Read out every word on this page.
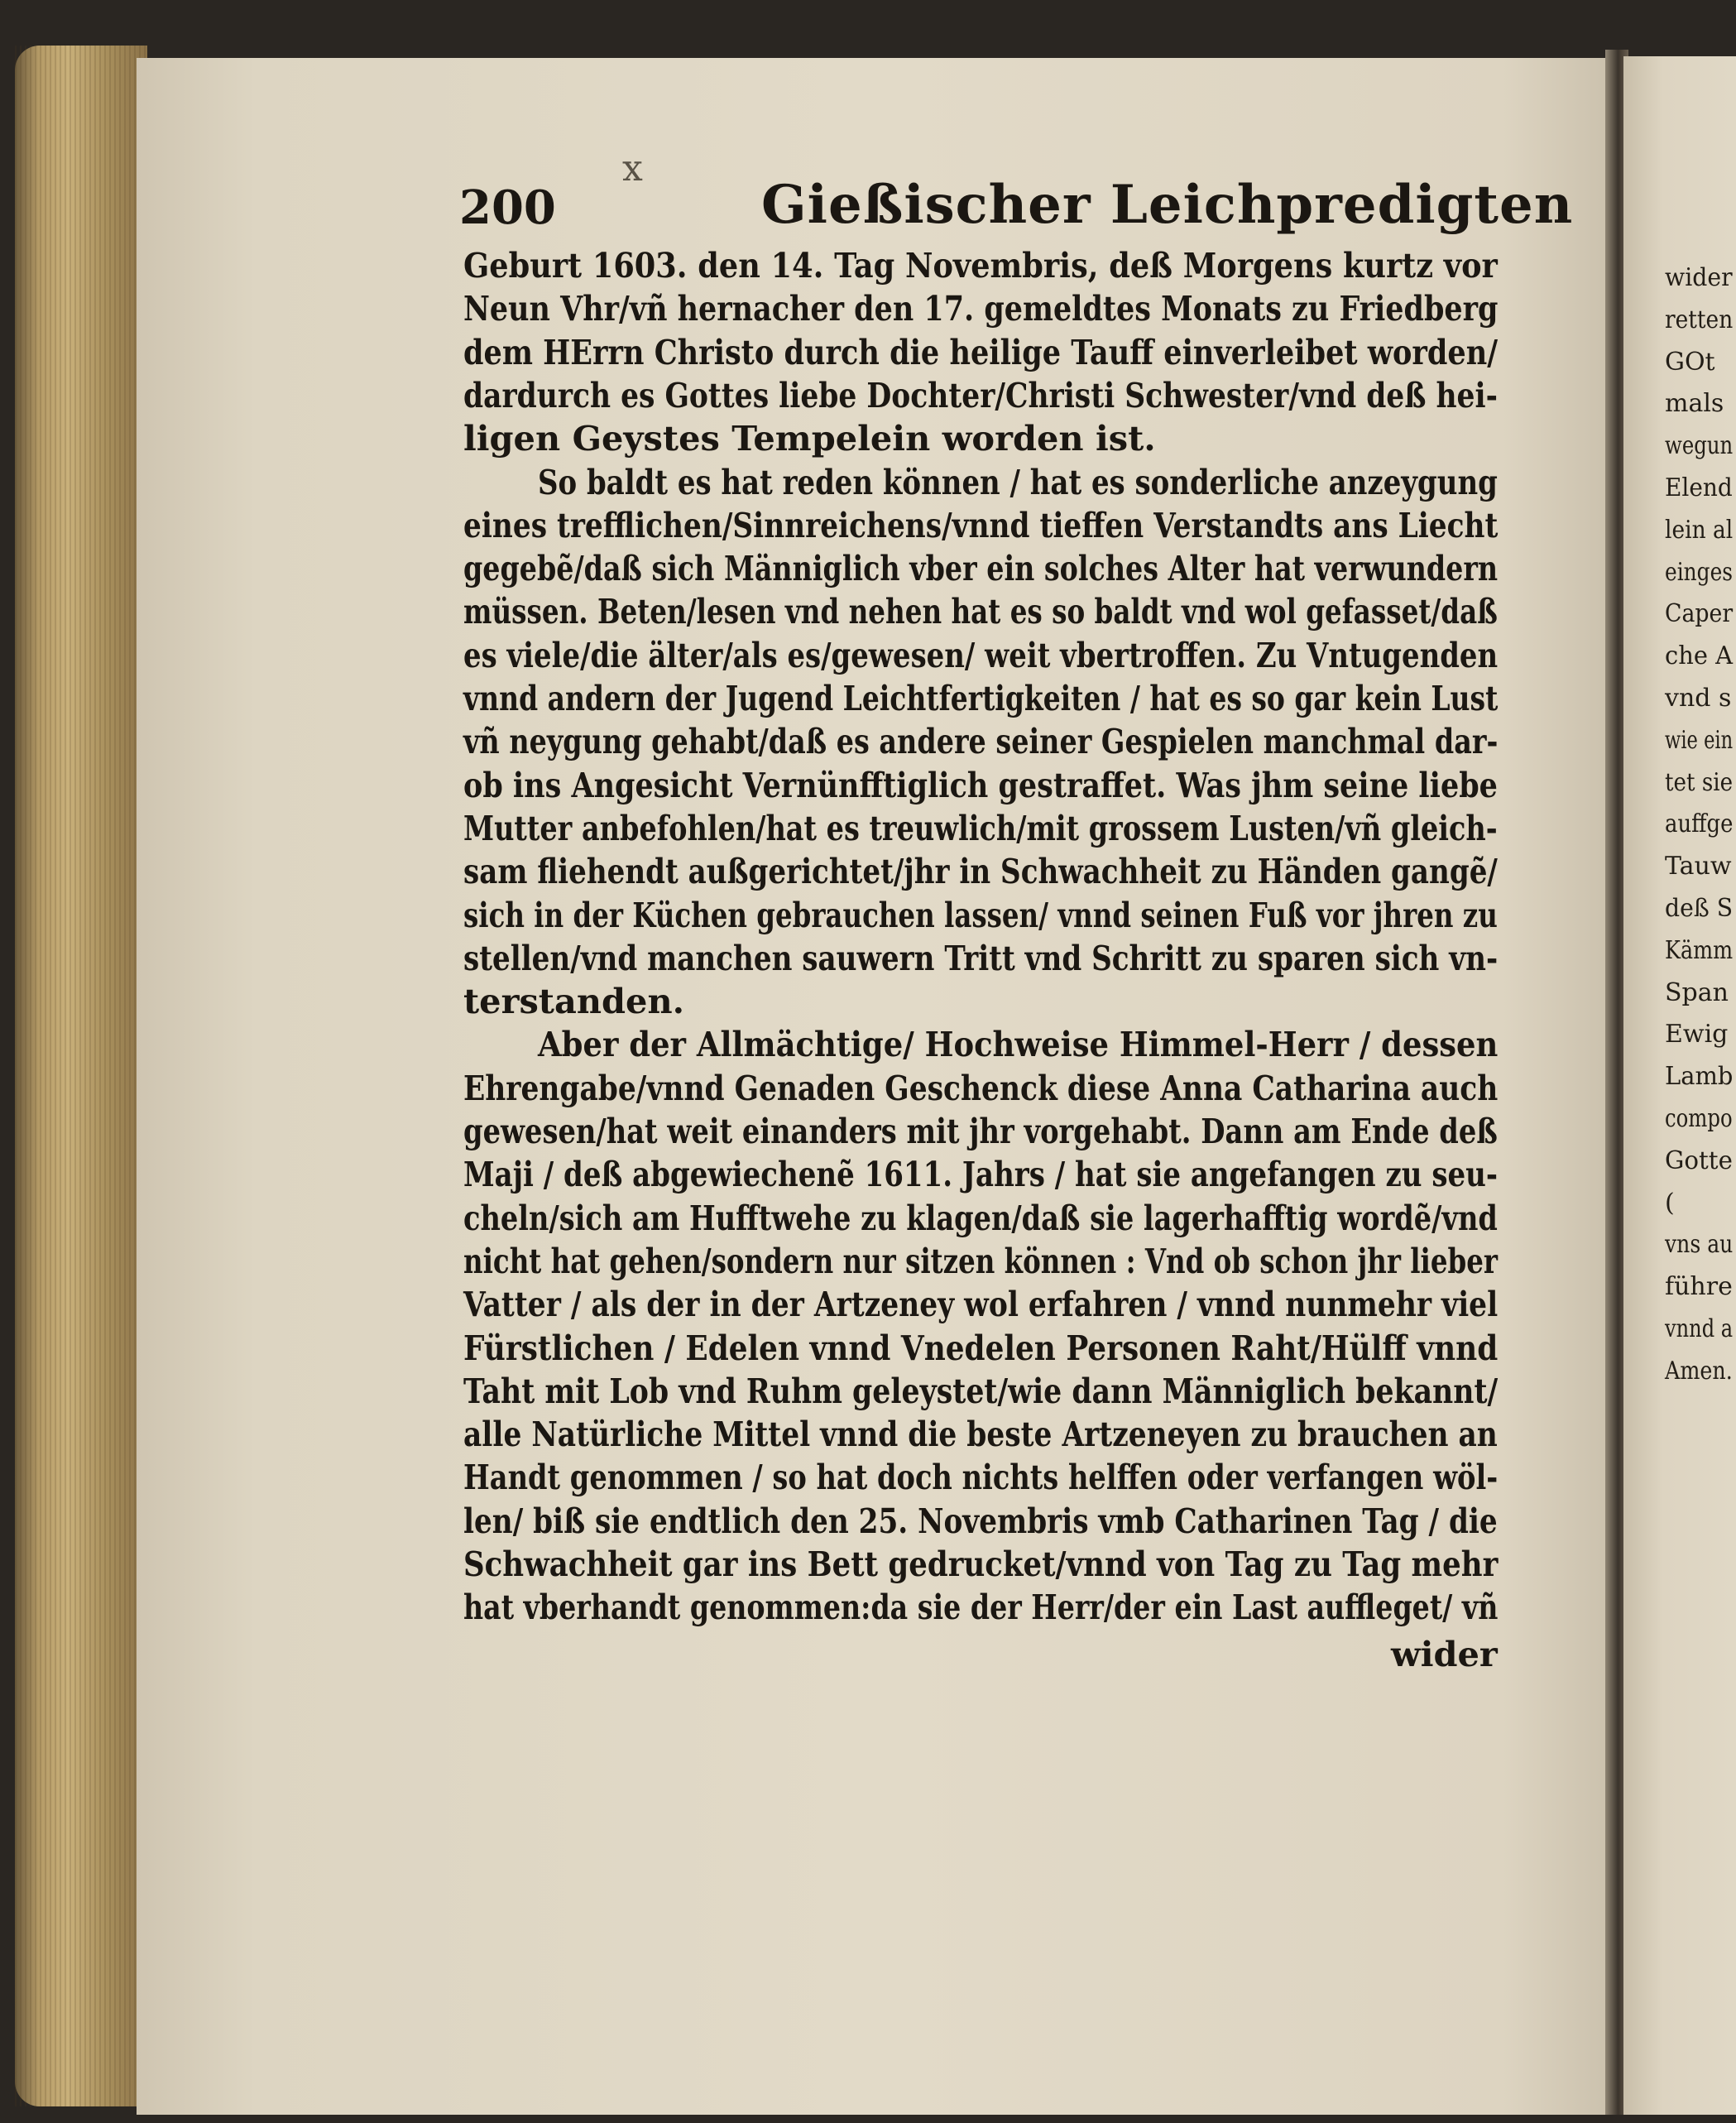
x
200	Gießischer Leichpredigten
Geburt 1603. den 14. Tag Novembris, deß Morgens kurtz vor
Neun Vhr/vñ hernacher den 17. gemeldtes Monats zu Friedberg
dem HErrn Christo durch die heilige Tauff einverleibet worden/
dardurch es Gottes liebe Dochter/Christi Schwester/vnd deß hei-
ligen Geystes Tempelein worden ist.
So baldt es hat reden können / hat es sonderliche anzeygung
eines trefflichen/Sinnreichens/vnnd tieffen Verstandts ans Liecht
gegebẽ/daß sich Männiglich vber ein solches Alter hat verwundern
müssen. Beten/lesen vnd nehen hat es so baldt vnd wol gefasset/daß
es viele/die älter/als es/gewesen/ weit vbertroffen. Zu Vntugenden
vnnd andern der Jugend Leichtfertigkeiten / hat es so gar kein Lust
vñ neygung gehabt/daß es andere seiner Gespielen manchmal dar-
ob ins Angesicht Vernünfftiglich gestraffet. Was jhm seine liebe
Mutter anbefohlen/hat es treuwlich/mit grossem Lusten/vñ gleich-
sam fliehendt außgerichtet/jhr in Schwachheit zu Händen gangẽ/
sich in der Küchen gebrauchen lassen/ vnnd seinen Fuß vor jhren zu
stellen/vnd manchen sauwern Tritt vnd Schritt zu sparen sich vn-
terstanden.
Aber der Allmächtige/ Hochweise Himmel-Herr / dessen
Ehrengabe/vnnd Genaden Geschenck diese Anna Catharina auch
gewesen/hat weit einanders mit jhr vorgehabt. Dann am Ende deß
Maji / deß abgewiechenẽ 1611. Jahrs / hat sie angefangen zu seu-
cheln/sich am Hufftwehe zu klagen/daß sie lagerhafftig wordẽ/vnd
nicht hat gehen/sondern nur sitzen können : Vnd ob schon jhr lieber
Vatter / als der in der Artzeney wol erfahren / vnnd nunmehr viel
Fürstlichen / Edelen vnnd Vnedelen Personen Raht/Hülff vnnd
Taht mit Lob vnd Ruhm geleystet/wie dann Männiglich bekannt/
alle Natürliche Mittel vnnd die beste Artzeneyen zu brauchen an
Handt genommen / so hat doch nichts helffen oder verfangen wöl-
len/ biß sie endtlich den 25. Novembris vmb Catharinen Tag / die
Schwachheit gar ins Bett gedrucket/vnnd von Tag zu Tag mehr
hat vberhandt genommen:da sie der Herr/der ein Last auffleget/ vñ
wider
wider
retten
GOt
mals
wegun
Elend
lein al
einges
Caper
che A
vnd s
wie ein
tet sie
auffge
Tauw
deß S
Kämm
Span
Ewig
Lamb
compo
Gotte
(
vns au
führe
vnnd a
Amen.
